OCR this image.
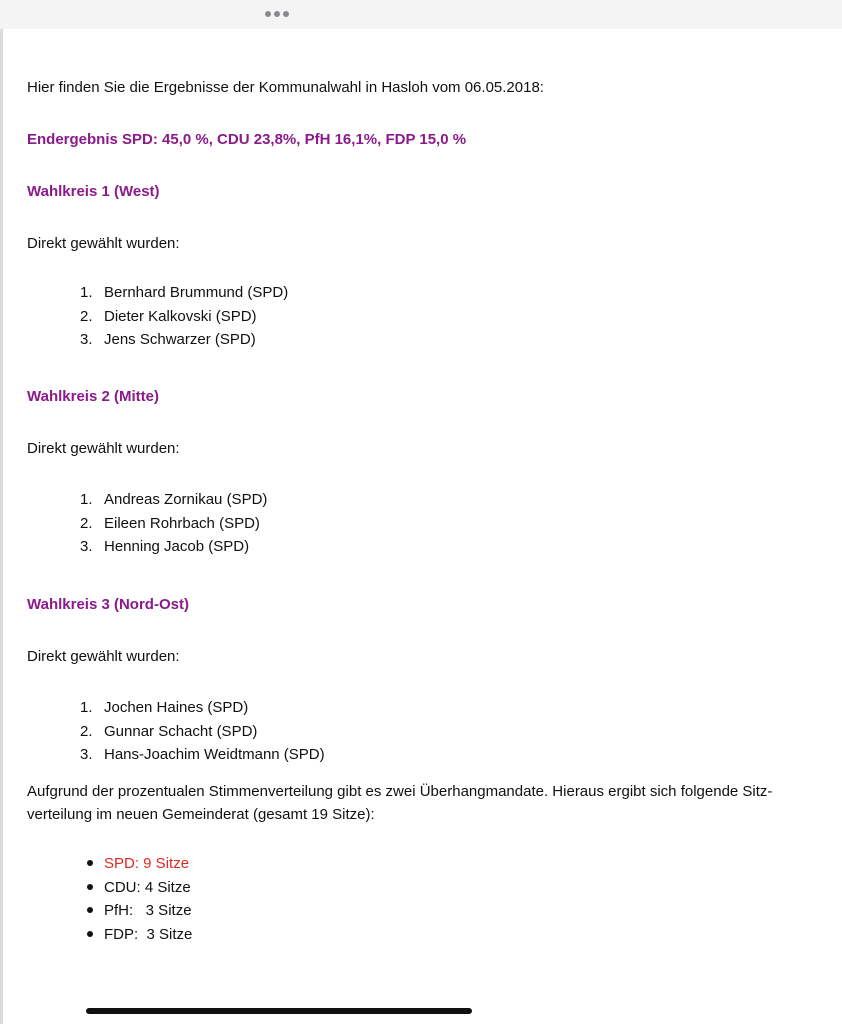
Hier finden Sie die Ergebnisse der Kommunalwahl in Hasloh vom 06.05.2018:

Endergebnis SPD: 45,0 %, CDU 23,8%, PfH 16,1%, FDP 15,0 %

Wahlkreis 1 (West)

Direkt gewählt wurden:

1. Bernhard Brummund (SPD)
2. Dieter Kalkovski (SPD)
3. Jens Schwarzer (SPD)

Wahlkreis 2 (Mitte)

Direkt gewählt wurden:

1. Andreas Zornikau (SPD)
2. Eileen Rohrbach (SPD)
3. Henning Jacob (SPD)

Wahlkreis 3 (Nord-Ost)

Direkt gewählt wurden:

1. Jochen Haines (SPD)
2. Gunnar Schacht (SPD)
3. Hans-Joachim Weidtmann (SPD)

Aufgrund der prozentualen Stimmenverteilung gibt es zwei Überhangmandate. Hieraus ergibt sich folgende Sitz-

verteilung im neuen Gemeinderat (gesamt 19 Sitze):

SPD: 9 Sitze
CDU: 4 Sitze
PfH:   3 Sitze
FDP:  3 Sitze
